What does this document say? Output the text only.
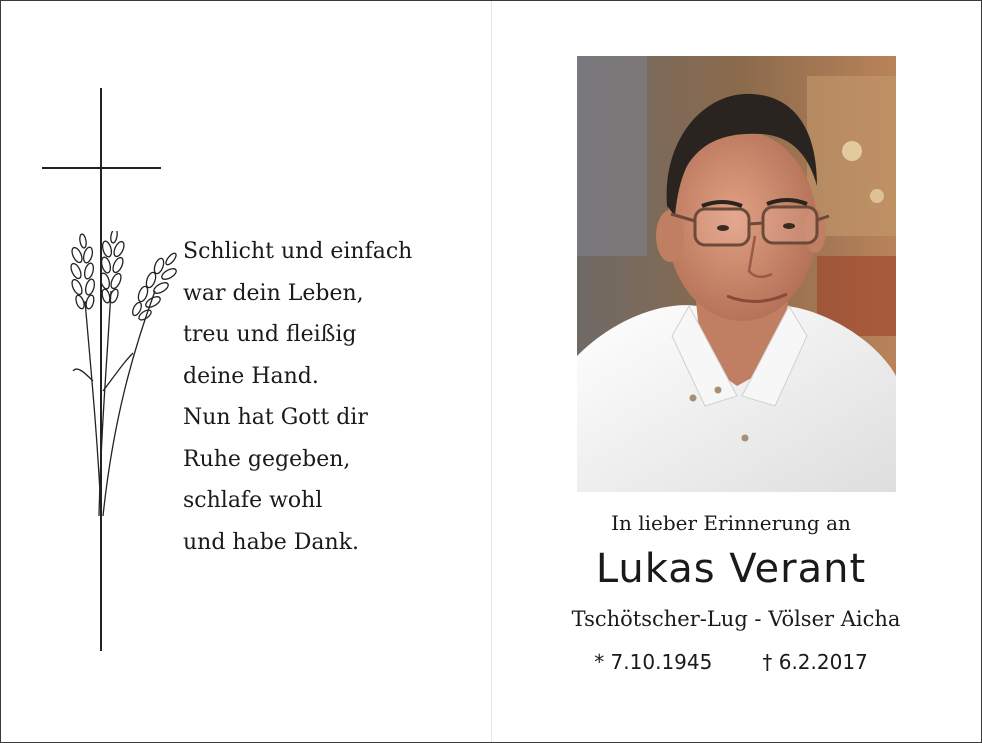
Schlicht und einfach
war dein Leben,
treu und fleißig
deine Hand.
Nun hat Gott dir
Ruhe gegeben,
schlafe wohl
und habe Dank.
In lieber Erinnerung an
Lukas Verant
Tschötscher-Lug - Völser Aicha
* 7.10.1945	† 6.2.2017
